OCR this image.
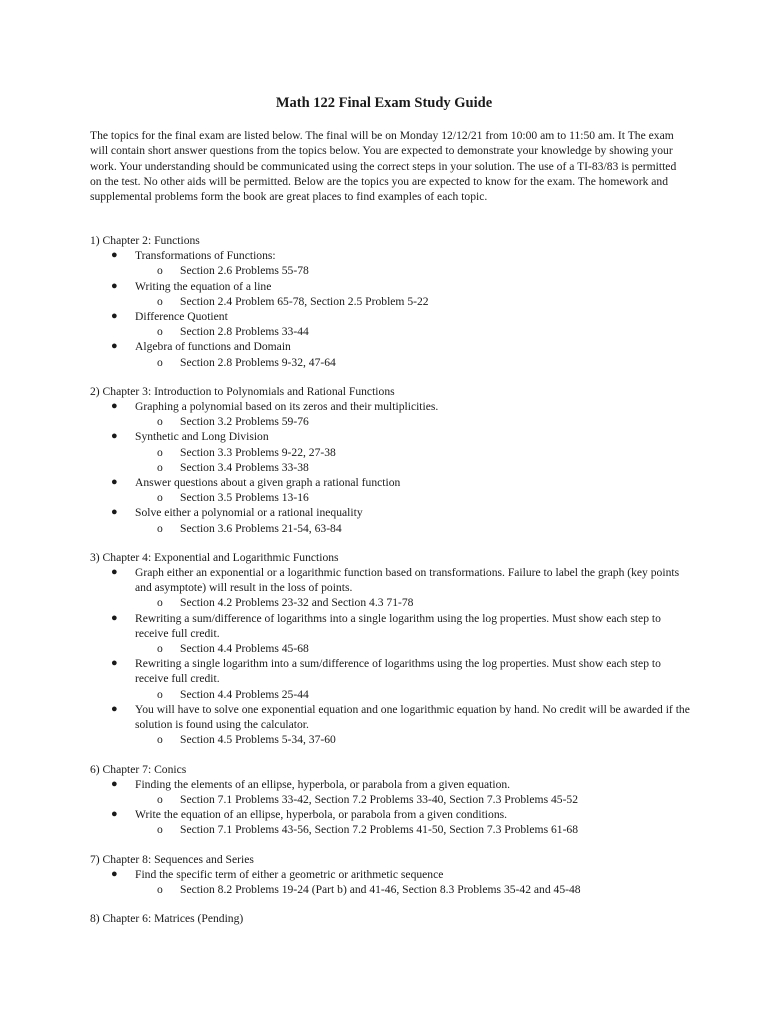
Math 122 Final Exam Study Guide

The topics for the final exam are listed below. The final will be on Monday 12/12/21 from 10:00 am to 11:50 am. It The exam will contain short answer questions from the topics below. You are expected to demonstrate your knowledge by showing your work. Your understanding should be communicated using the correct steps in your solution. The use of a TI-83/83 is permitted on the test. No other aids will be permitted. Below are the topics you are expected to know for the exam. The homework and supplemental problems form the book are great places to find examples of each topic.

1) Chapter 2: Functions

● Transformations of Functions:
o Section 2.6 Problems 55-78
● Writing the equation of a line
o Section 2.4 Problem 65-78, Section 2.5 Problem 5-22
● Difference Quotient
o Section 2.8 Problems 33-44
● Algebra of functions and Domain
o Section 2.8 Problems 9-32, 47-64

2) Chapter 3: Introduction to Polynomials and Rational Functions

● Graphing a polynomial based on its zeros and their multiplicities.
o Section 3.2 Problems 59-76
● Synthetic and Long Division
o Section 3.3 Problems 9-22, 27-38
o Section 3.4 Problems 33-38
● Answer questions about a given graph a rational function
o Section 3.5 Problems 13-16
● Solve either a polynomial or a rational inequality
o Section 3.6 Problems 21-54, 63-84

3) Chapter 4: Exponential and Logarithmic Functions

● Graph either an exponential or a logarithmic function based on transformations. Failure to label the graph (key points and asymptote) will result in the loss of points.
o Section 4.2 Problems 23-32 and Section 4.3 71-78
● Rewriting a sum/difference of logarithms into a single logarithm using the log properties. Must show each step to receive full credit.
o Section 4.4 Problems 45-68
● Rewriting a single logarithm into a sum/difference of logarithms using the log properties. Must show each step to receive full credit.
o Section 4.4 Problems 25-44
● You will have to solve one exponential equation and one logarithmic equation by hand. No credit will be awarded if the solution is found using the calculator.
o Section 4.5 Problems 5-34, 37-60

6) Chapter 7: Conics

● Finding the elements of an ellipse, hyperbola, or parabola from a given equation.
o Section 7.1 Problems 33-42, Section 7.2 Problems 33-40, Section 7.3 Problems 45-52
● Write the equation of an ellipse, hyperbola, or parabola from a given conditions.
o Section 7.1 Problems 43-56, Section 7.2 Problems 41-50, Section 7.3 Problems 61-68

7) Chapter 8: Sequences and Series

● Find the specific term of either a geometric or arithmetic sequence
o Section 8.2 Problems 19-24 (Part b) and 41-46, Section 8.3 Problems 35-42 and 45-48

8) Chapter 6: Matrices (Pending)
